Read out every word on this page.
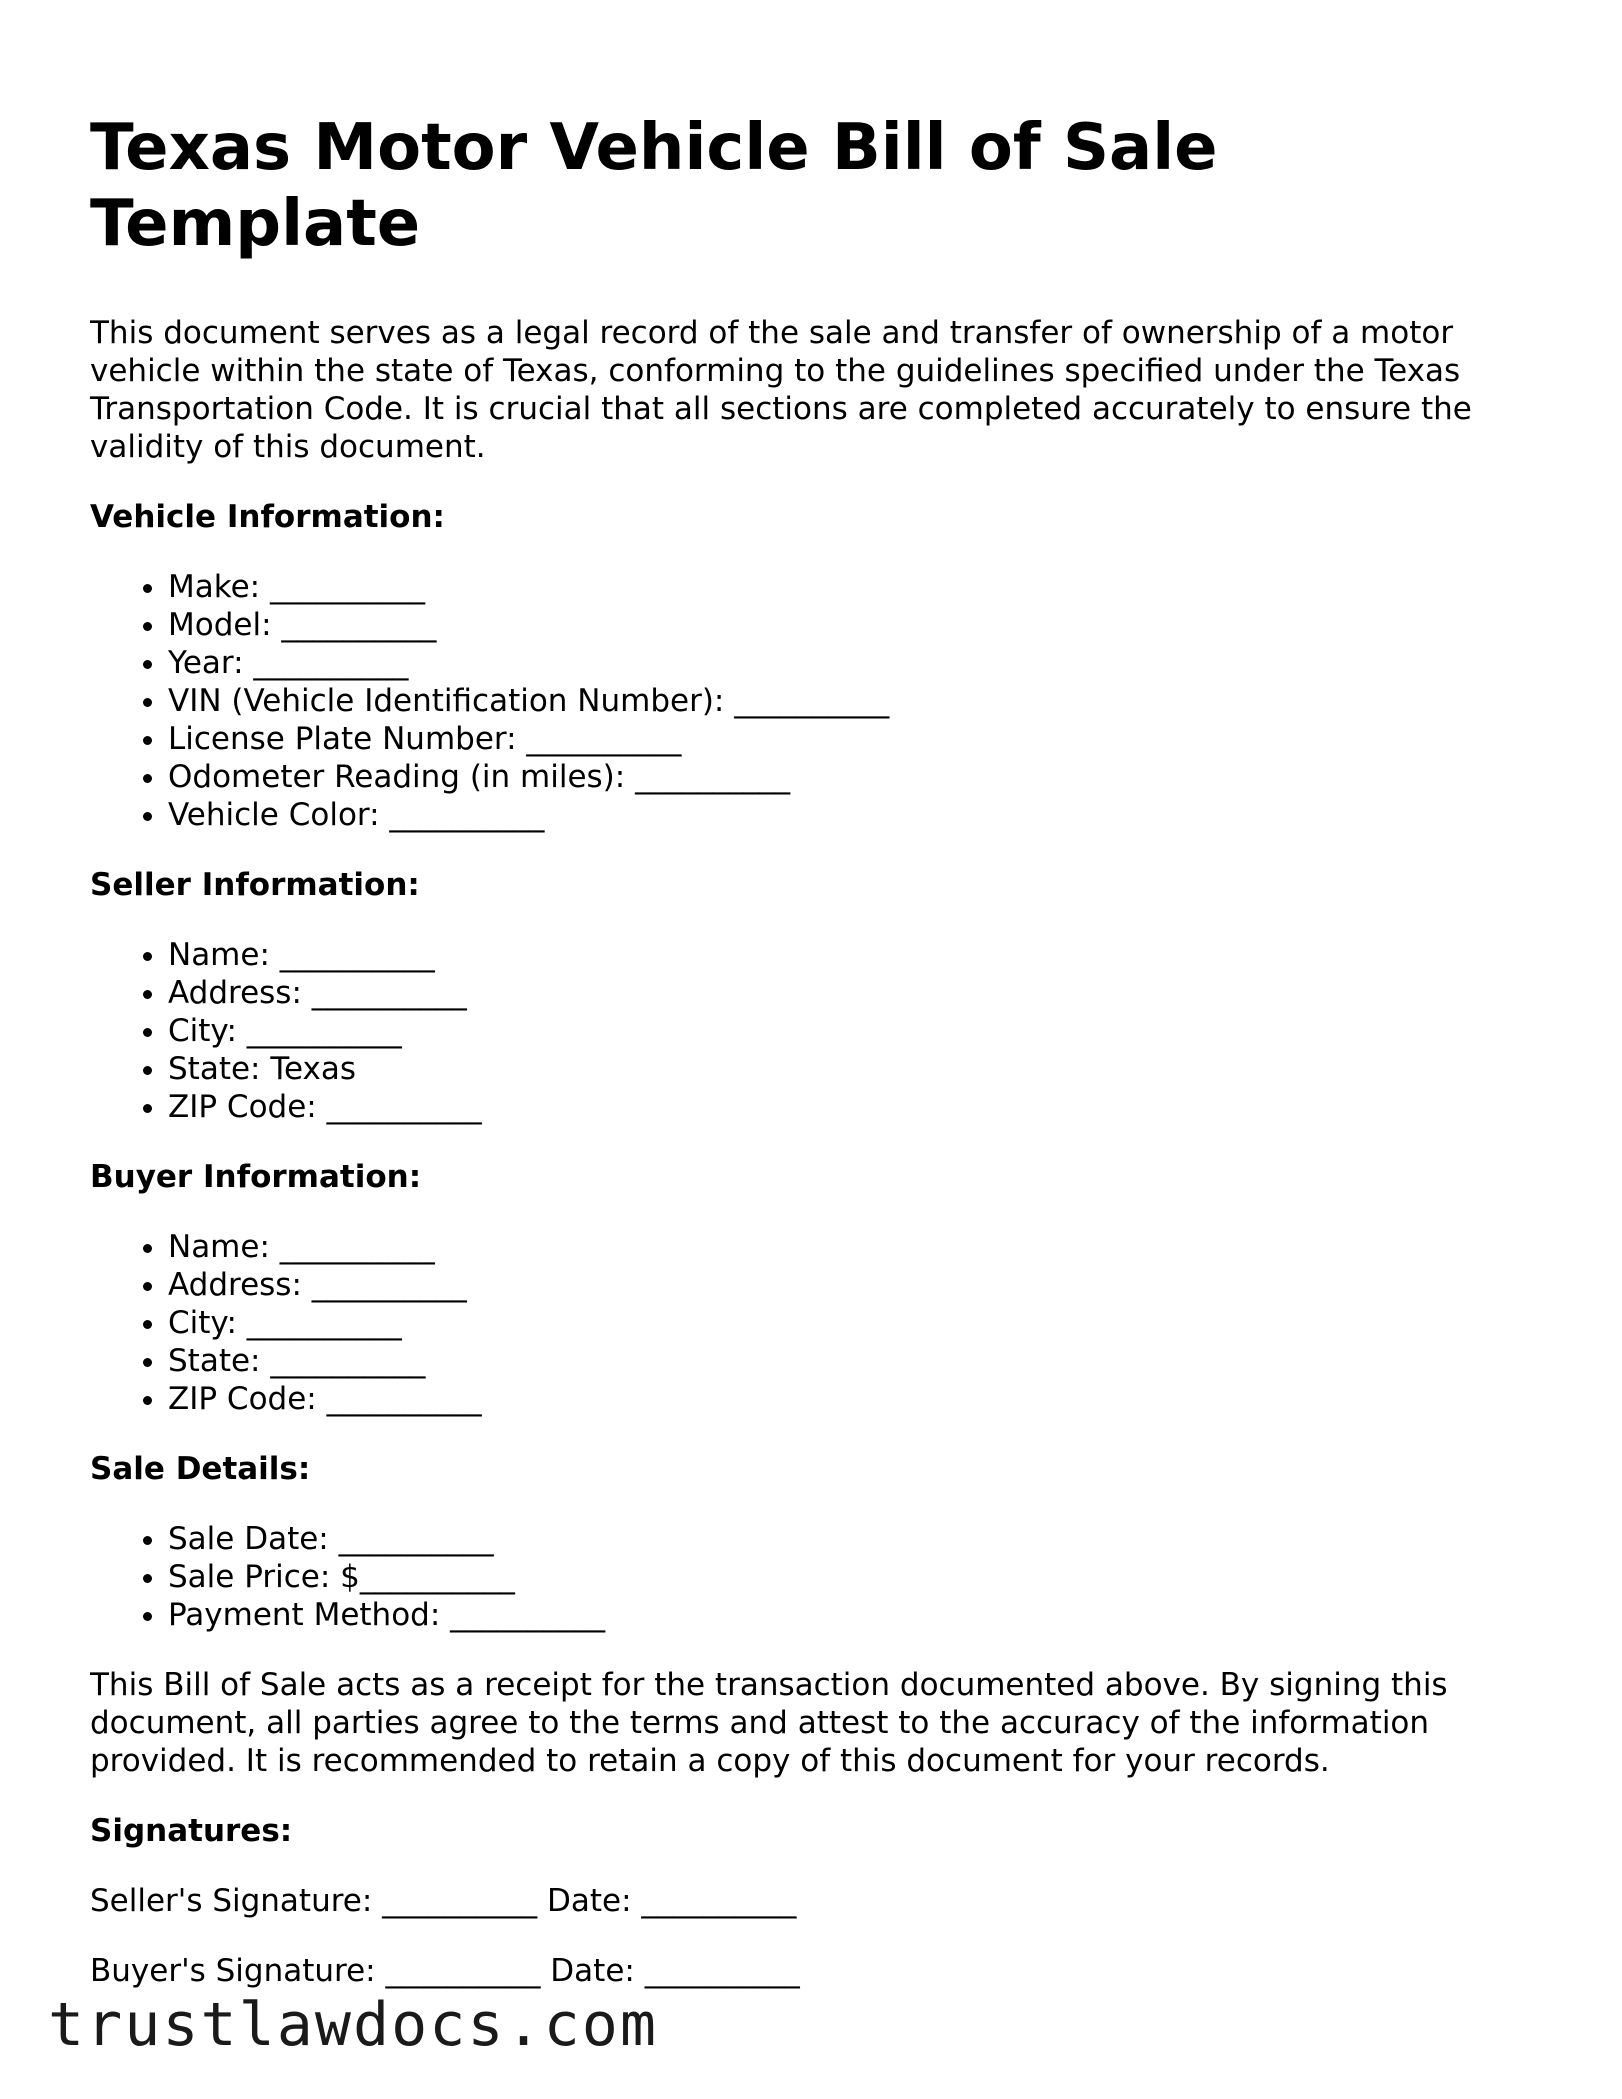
Texas Motor Vehicle Bill of Sale Template

This document serves as a legal record of the sale and transfer of ownership of a motor vehicle within the state of Texas, conforming to the guidelines specified under the Texas Transportation Code. It is crucial that all sections are completed accurately to ensure the validity of this document.

Vehicle Information:
• Make: __________
• Model: __________
• Year: __________
• VIN (Vehicle Identification Number): __________
• License Plate Number: __________
• Odometer Reading (in miles): __________
• Vehicle Color: __________
Seller Information:
• Name: __________
• Address: __________
• City: __________
• State: Texas
• ZIP Code: __________
Buyer Information:
• Name: __________
• Address: __________
• City: __________
• State: __________
• ZIP Code: __________
Sale Details:
• Sale Date: __________
• Sale Price: $__________
• Payment Method: __________

This Bill of Sale acts as a receipt for the transaction documented above. By signing this document, all parties agree to the terms and attest to the accuracy of the information provided. It is recommended to retain a copy of this document for your records.

Signatures:
Seller's Signature: __________ Date: __________
Buyer's Signature: __________ Date: __________
trustlawdocs.com
